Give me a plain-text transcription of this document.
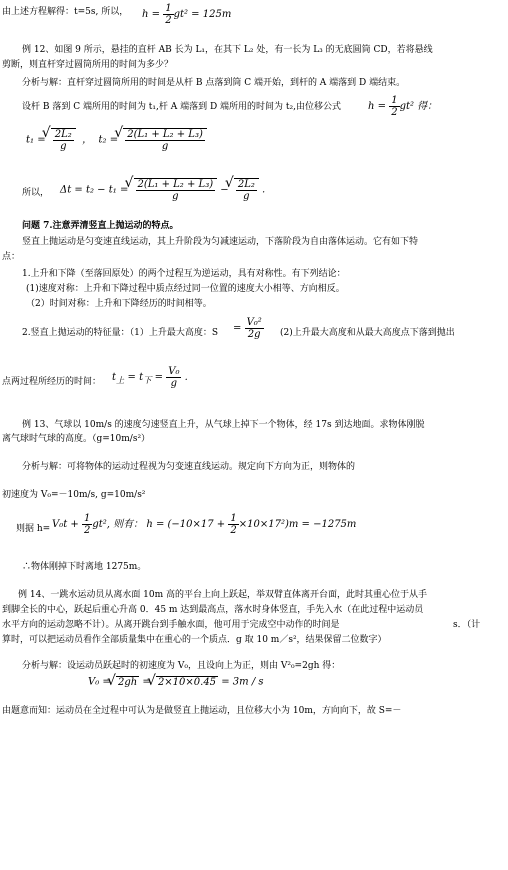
由上述方程解得：t=5s, 所以， $h = \frac{1}{2} gt^2 = 125m$
例 12、如图 9 所示，悬挂的直杆 AB 长为 L₁，在其下 L₂ 处，有一长为 L₃ 的无底圆筒 CD，若将悬线
剪断，则直杆穿过圆筒所用的时间为多少？
分析与解：直杆穿过圆筒所用的时间是从杆 B 点落到筒 C 端开始，到杆的 A 端落到 D 端结束。
设杆 B 落到 C 端所用的时间为 t₁,杆 A 端落到 D 端所用的时间为 t₂,由位移公式	$h = \frac{1}{2} gt^2$ 得：
t₁ = √ $\frac{\text{2L₂}}{g}$ ，  t₂ = √ $\frac{\text{2(L₁ + L₂ + L₃)}}{g}$
所以， Δt = t₂ − t₁ = √ $\frac{\text{2(L₁ + L₂ + L₃)}}{g}$ − √ $\frac{\text{2L₂}}{g}$ .
问题 7.注意弄清竖直上抛运动的特点。
竖直上抛运动是匀变速直线运动，其上升阶段为匀减速运动，下落阶段为自由落体运动。它有如下特
点：
1.上升和下降（至落回原处）的两个过程互为逆运动，具有对称性。有下列结论：
(1)速度对称：上升和下降过程中质点经过同一位置的速度大小相等、方向相反。
（2）时间对称：上升和下降经历的时间相等。
2.竖直上抛运动的特征量：（1）上升最大高度：$S = \frac{\text{V₀²}}{2g} (2)$上升最大高度和从最大高度点下落到抛出
点两过程所经历的时间： $t_上 = t_下 = \frac{\text{V₀}}{g}$ .
例 13、气球以 10m/s 的速度匀速竖直上升，从气球上掉下一个物体，经 17s 到达地面。求物体刚脱
离气球时气球的高度。（g=10m/s²）
分析与解：可将物体的运动过程视为匀变速直线运动。规定向下方向为正，则物体的
初速度为 V₀=－10m/s, g=10m/s²
则据 $h= V_0t + \frac{1}{2} gt^2$, 则有： $h = (-10\times 17 + \frac{1}{2} \times 10\times 17^2)m = -1275m$
∴物体刚掉下时离地 1275m。
例 14、一跳水运动员从离水面 10m 高的平台上向上跃起，举双臂直体离开台面，此时其重心位于从手
到脚全长的中心，跃起后重心升高 0．45 m 达到最高点，落水时身体竖直，手先入水（在此过程中运动员
水平方向的运动忽略不计）。从离开跳台到手触水面，他可用于完成空中动作的时间是	s．（计
算时，可以把运动员看作全部质量集中在重心的一个质点．g 取 10 m／s²，结果保留二位数字）
分析与解：设运动员跃起时的初速度为 V₀，且设向上为正，则由 V²₀=2gh 得：
V₀ = √ 2gh = √ 2×10×0.45 = 3m / s
由题意而知：运动员在全过程中可认为是做竖直上抛运动，且位移大小为 10m，方向向下，故 S=－
